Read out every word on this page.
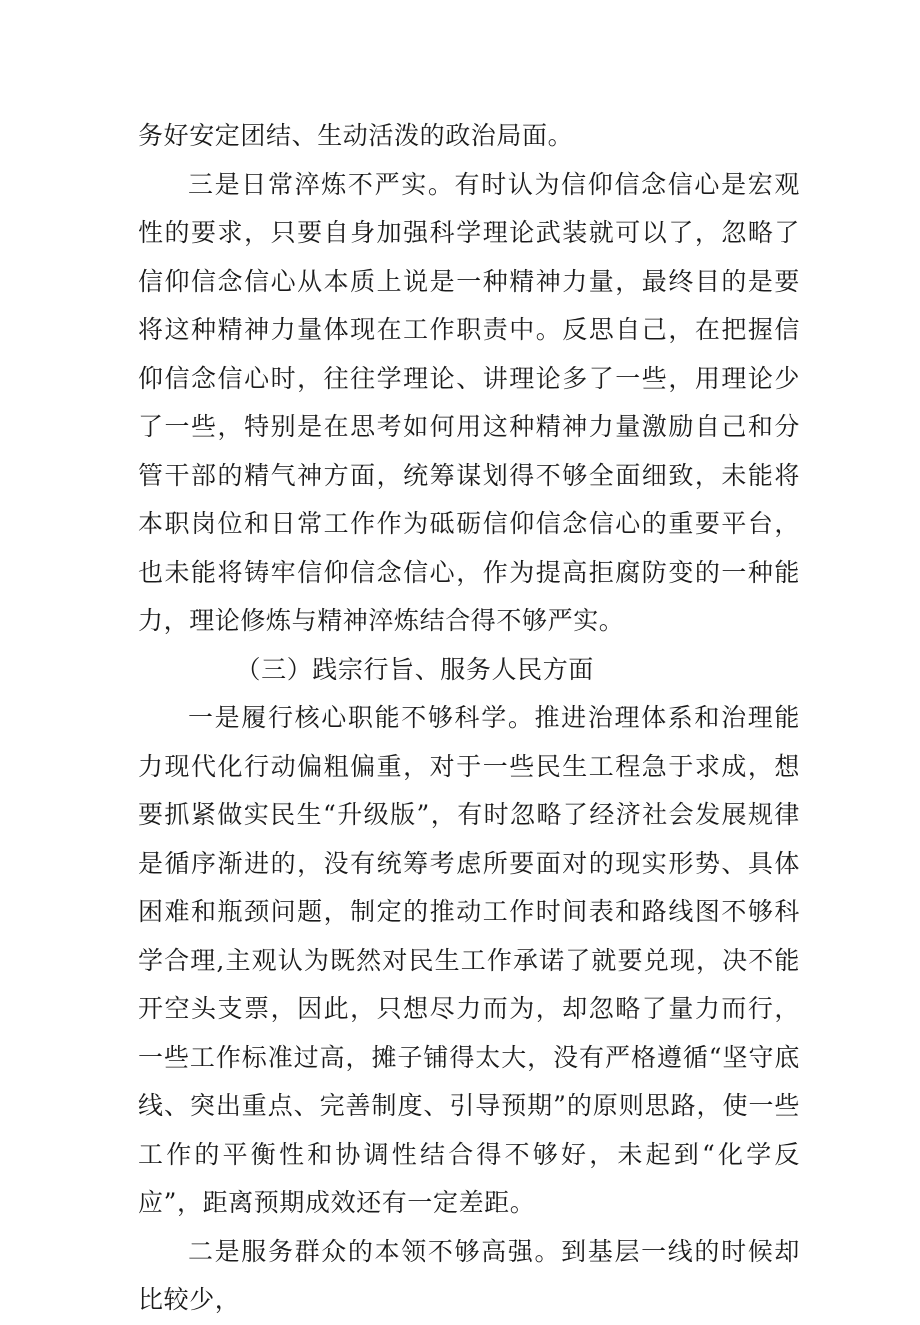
务好安定团结、生动活泼的政治局面。

三是日常淬炼不严实。有时认为信仰信念信心是宏观性的要求，只要自身加强科学理论武装就可以了，忽略了信仰信念信心从本质上说是一种精神力量，最终目的是要将这种精神力量体现在工作职责中。反思自己，在把握信仰信念信心时，往往学理论、讲理论多了一些，用理论少了一些，特别是在思考如何用这种精神力量激励自己和分管干部的精气神方面，统筹谋划得不够全面细致，未能将本职岗位和日常工作作为砥砺信仰信念信心的重要平台，也未能将铸牢信仰信念信心，作为提高拒腐防变的一种能力，理论修炼与精神淬炼结合得不够严实。

（三）践宗行旨、服务人民方面

一是履行核心职能不够科学。推进治理体系和治理能力现代化行动偏粗偏重，对于一些民生工程急于求成，想要抓紧做实民生“升级版”，有时忽略了经济社会发展规律是循序渐进的，没有统筹考虑所要面对的现实形势、具体困难和瓶颈问题，制定的推动工作时间表和路线图不够科学合理,主观认为既然对民生工作承诺了就要兑现，决不能开空头支票，因此，只想尽力而为，却忽略了量力而行，一些工作标准过高，摊子铺得太大，没有严格遵循“坚守底线、突出重点、完善制度、引导预期”的原则思路，使一些工作的平衡性和协调性结合得不够好，未起到“化学反应”，距离预期成效还有一定差距。

二是服务群众的本领不够高强。到基层一线的时候却比较少，
